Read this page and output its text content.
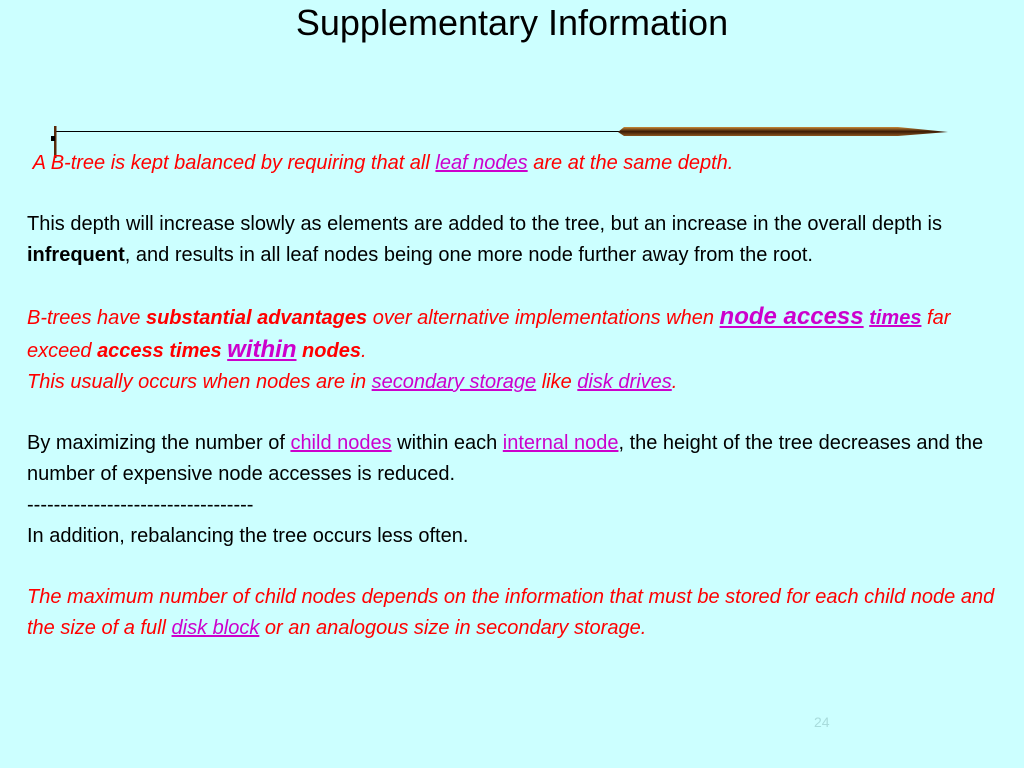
Supplementary Information

A B-tree is kept balanced by requiring that all leaf nodes are at the same depth.

This depth will increase slowly as elements are added to the tree, but an increase in the overall depth is infrequent, and results in all leaf nodes being one more node further away from the root.

B-trees have substantial advantages over alternative implementations when node access times far exceed access times within nodes.
This usually occurs when nodes are in secondary storage like disk drives.

By maximizing the number of child nodes within each internal node, the height of the tree decreases and the number of expensive node accesses is reduced.
----------------------------------
In addition, rebalancing the tree occurs less often.

The maximum number of child nodes depends on the information that must be stored for each child node and the size of a full disk block or an analogous size in secondary storage.

24
